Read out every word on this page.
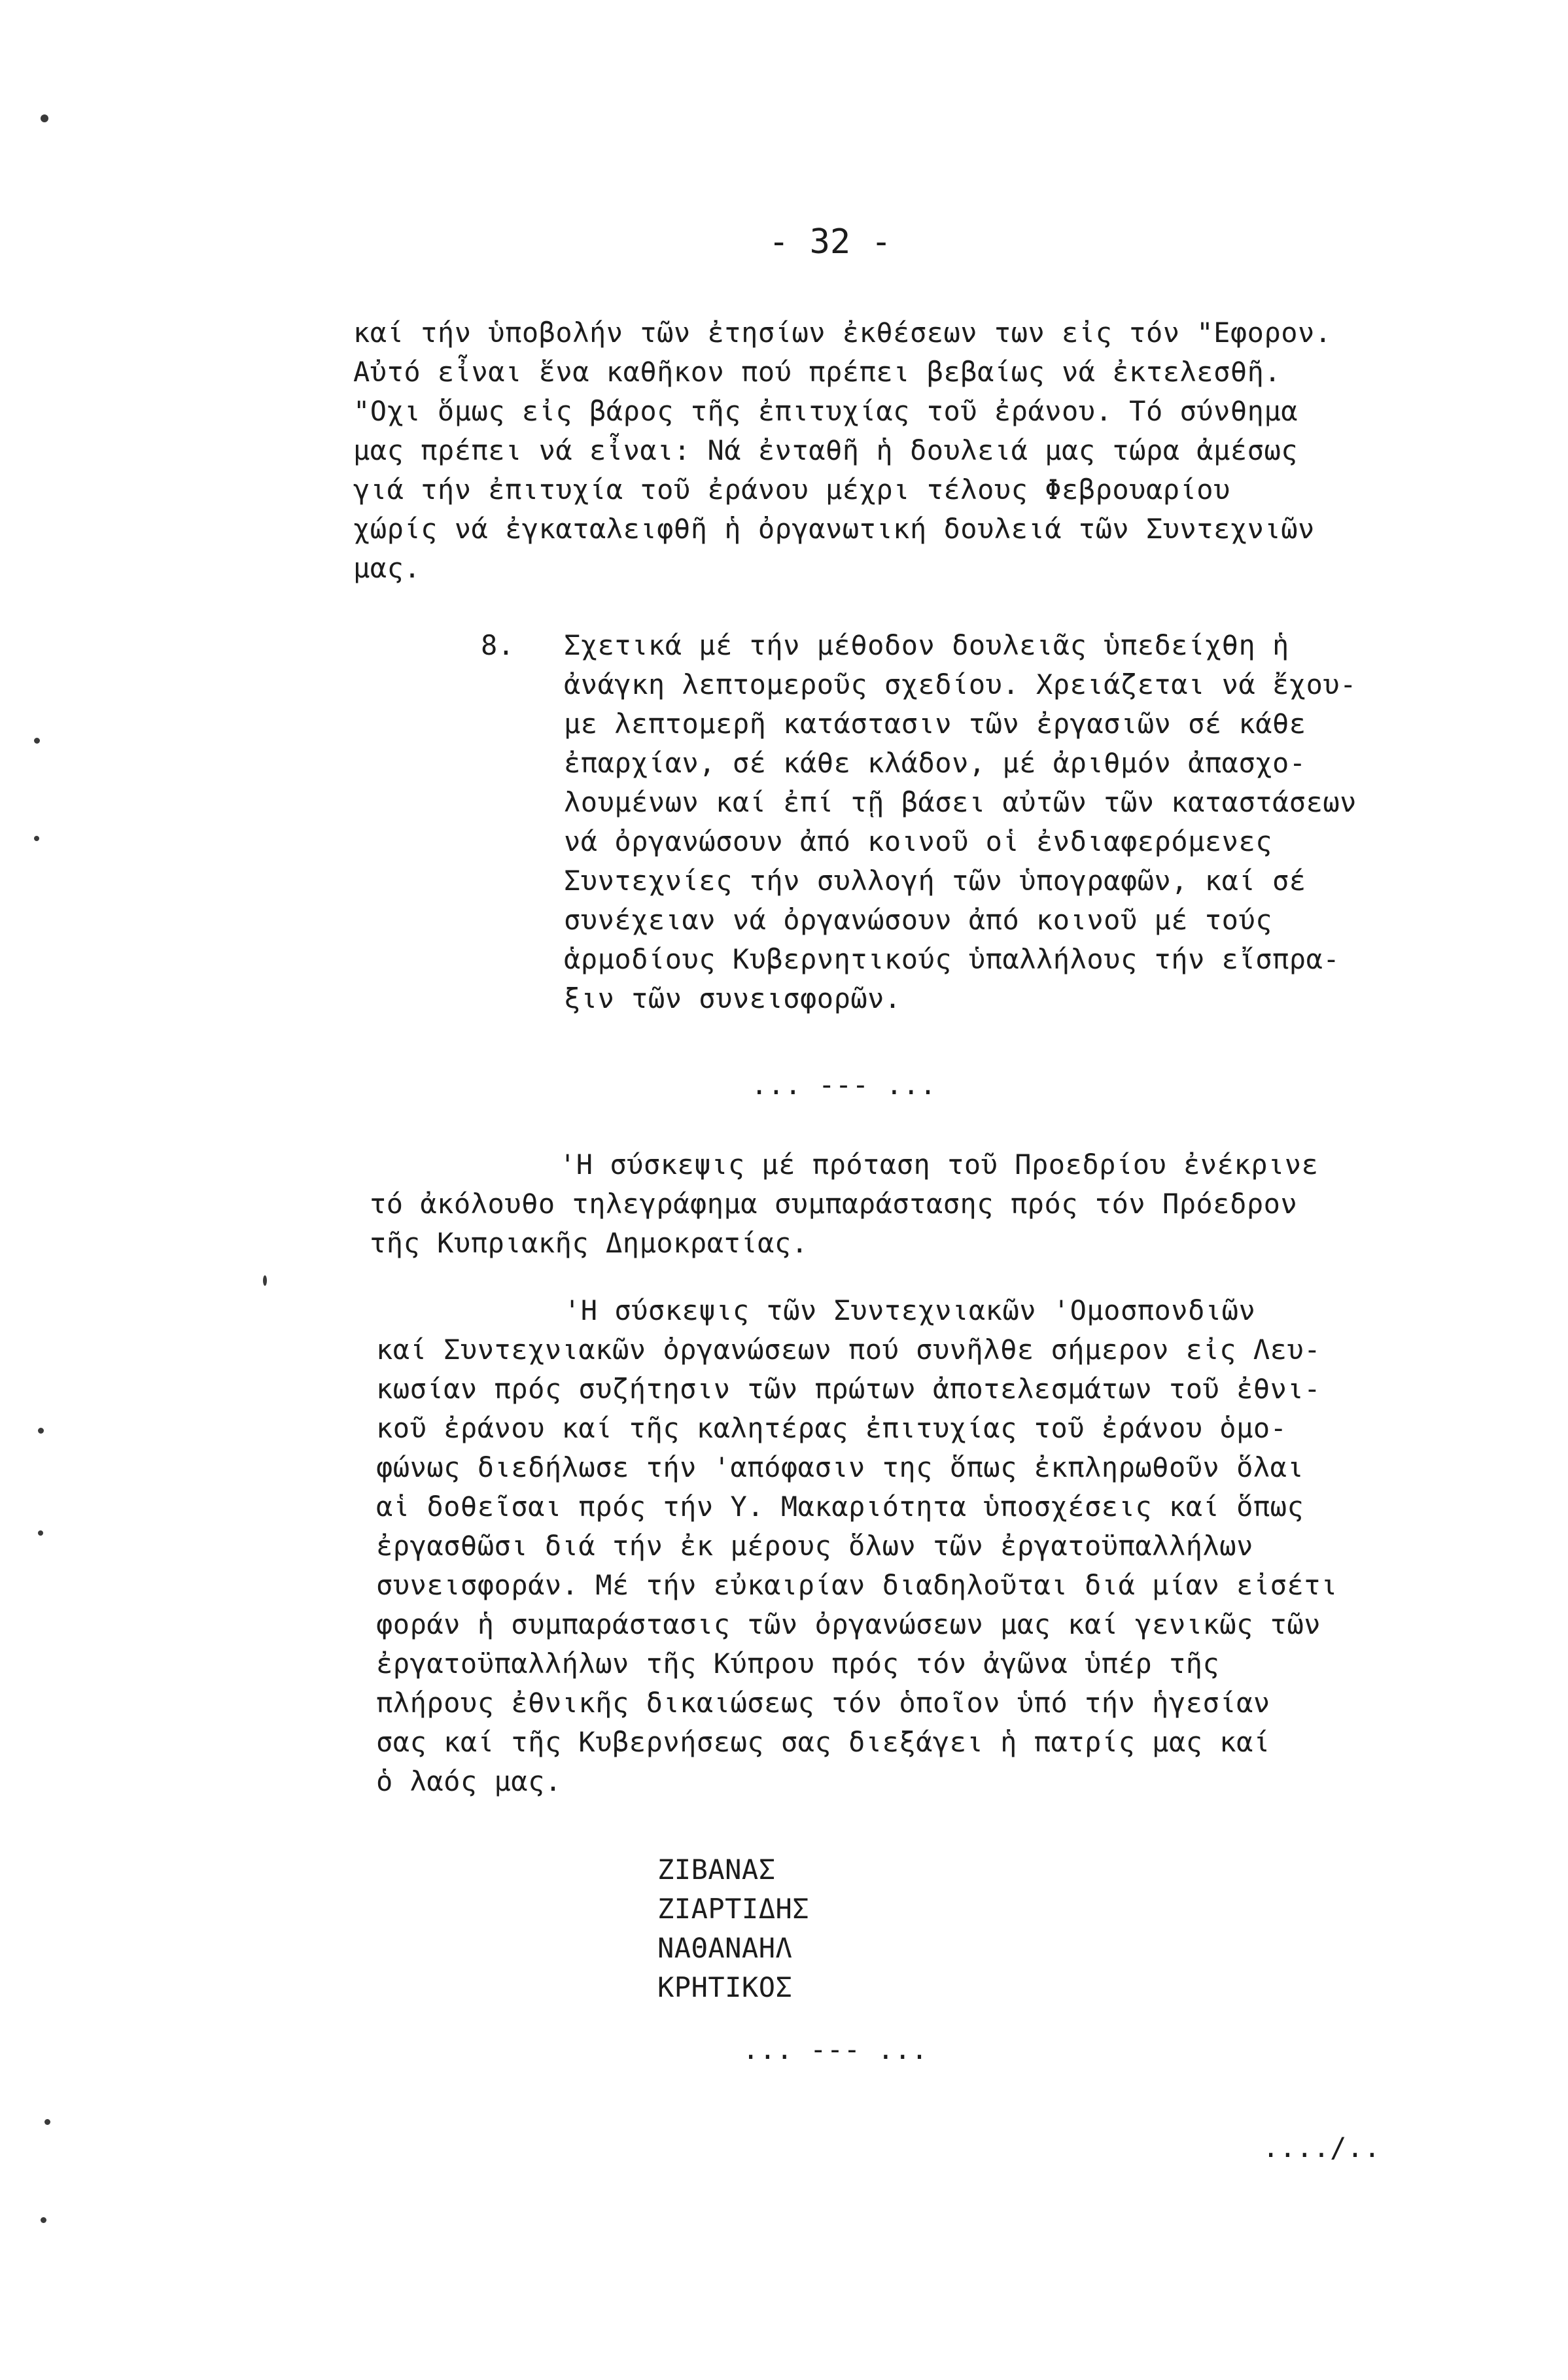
- 32 -
καί τήν ὑποβολήν τῶν ἐτησίων ἐκθέσεων των εἰς τόν "Εφορον.
Αὐτό εἶναι ἕνα καθῆκον πού πρέπει βεβαίως νά ἐκτελεσθῆ.
"Οχι ὅμως εἰς βάρος τῆς ἐπιτυχίας τοῦ ἐράνου. Τό σύνθημα
μας πρέπει νά εἶναι: Νά ἐνταθῆ ἡ δουλειά μας τώρα ἀμέσως
γιά τήν ἐπιτυχία τοῦ ἐράνου μέχρι τέλους Φεβρουαρίου
χώρίς νά ἐγκαταλειφθῆ ἡ ὀργανωτική δουλειά τῶν Συντεχνιῶν
μας.
8. Σχετικά μέ τήν μέθοδον δουλειᾶς ὑπεδείχθη ἡ
ἀνάγκη λεπτομεροῦς σχεδίου. Χρειάζεται νά ἔχου-
με λεπτομερῆ κατάστασιν τῶν ἐργασιῶν σέ κάθε
ἐπαρχίαν, σέ κάθε κλάδον, μέ ἀριθμόν ἀπασχο-
λουμένων καί ἐπί τῇ βάσει αὐτῶν τῶν καταστάσεων
νά ὀργανώσουν ἀπό κοινοῦ οἱ ἐνδιαφερόμενες
Συντεχνίες τήν συλλογή τῶν ὑπογραφῶν, καί σέ
συνέχειαν νά ὀργανώσουν ἀπό κοινοῦ μέ τούς
ἁρμοδίους Κυβερνητικούς ὑπαλλήλους τήν εἴσπρα-
ξιν τῶν συνεισφορῶν.
... --- ...
'Η σύσκεψις μέ πρόταση τοῦ Προεδρίου ἐνέκρινε
τό ἀκόλουθο τηλεγράφημα συμπαράστασης πρός τόν Πρόεδρον
τῆς Κυπριακῆς Δημοκρατίας.
'Η σύσκεψις τῶν Συντεχνιακῶν 'Ομοσπονδιῶν
καί Συντεχνιακῶν ὀργανώσεων πού συνῆλθε σήμερον εἰς Λευ-
κωσίαν πρός συζήτησιν τῶν πρώτων ἀποτελεσμάτων τοῦ ἐθνι-
κοῦ ἐράνου καί τῆς καλητέρας ἐπιτυχίας τοῦ ἐράνου ὁμο-
φώνως διεδήλωσε τήν 'απόφασιν της ὅπως ἐκπληρωθοῦν ὅλαι
αἱ δοθεῖσαι πρός τήν Υ. Μακαριότητα ὑποσχέσεις καί ὅπως
ἐργασθῶσι διά τήν ἐκ μέρους ὅλων τῶν ἐργατοϋπαλλήλων
συνεισφοράν. Μέ τήν εὐκαιρίαν διαδηλοῦται διά μίαν εἰσέτι
φοράν ἡ συμπαράστασις τῶν ὀργανώσεων μας καί γενικῶς τῶν
ἐργατοϋπαλλήλων τῆς Κύπρου πρός τόν ἀγῶνα ὑπέρ τῆς
πλήρους ἐθνικῆς δικαιώσεως τόν ὁποῖον ὑπό τήν ἡγεσίαν
σας καί τῆς Κυβερνήσεως σας διεξάγει ἡ πατρίς μας καί
ὁ λαός μας.
ΖΙΒΑΝΑΣ
ΖΙΑΡΤΙΔΗΣ
ΝΑΘΑΝΑΗΛ
ΚΡΗΤΙΚΟΣ
... --- ...
..../..
